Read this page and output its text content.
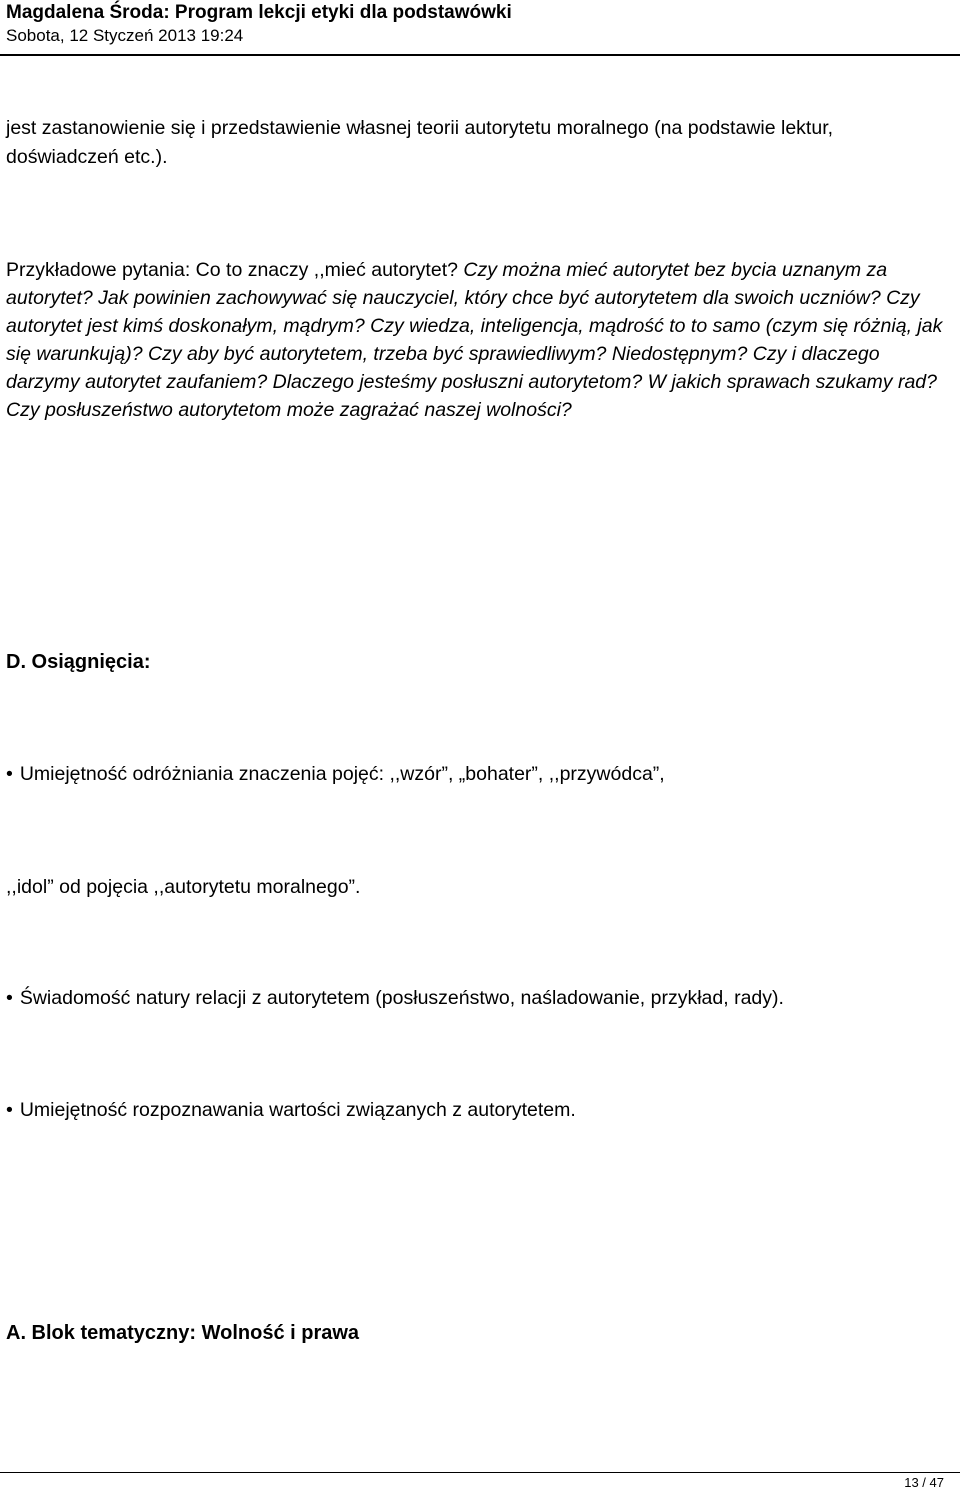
Magdalena Środa: Program lekcji etyki dla podstawówki
Sobota, 12 Styczeń 2013 19:24
jest zastanowienie się i przedstawienie własnej teorii autorytetu moralnego (na podstawie lektur, doświadczeń etc.).
Przykładowe pytania: Co to znaczy ,,mieć autorytet? Czy można mieć autorytet bez bycia uznanym za autorytet? Jak powinien zachowywać się nauczyciel, który chce być autorytetem dla swoich uczniów? Czy autorytet jest kimś doskonałym, mądrym? Czy wiedza, inteligencja, mądrość to to samo (czym się różnią, jak się warunkują)? Czy aby być autorytetem, trzeba być sprawiedliwym? Niedostępnym? Czy i dlaczego darzymy autorytet zaufaniem? Dlaczego jesteśmy posłuszni autorytetom? W jakich sprawach szukamy rad? Czy posłuszeństwo autorytetom może zagrażać naszej wolności?
D. Osiągnięcia:
• Umiejętność odróżniania znaczenia pojęć: ,,wzór”, „bohater”, ,,przywódca”,
,,idol” od pojęcia ,,autorytetu moralnego”.
• Świadomość natury relacji z autorytetem (posłuszeństwo, naśladowanie, przykład, rady).
• Umiejętność rozpoznawania wartości związanych z autorytetem.
A. Blok tematyczny: Wolność i prawa
13 / 47
